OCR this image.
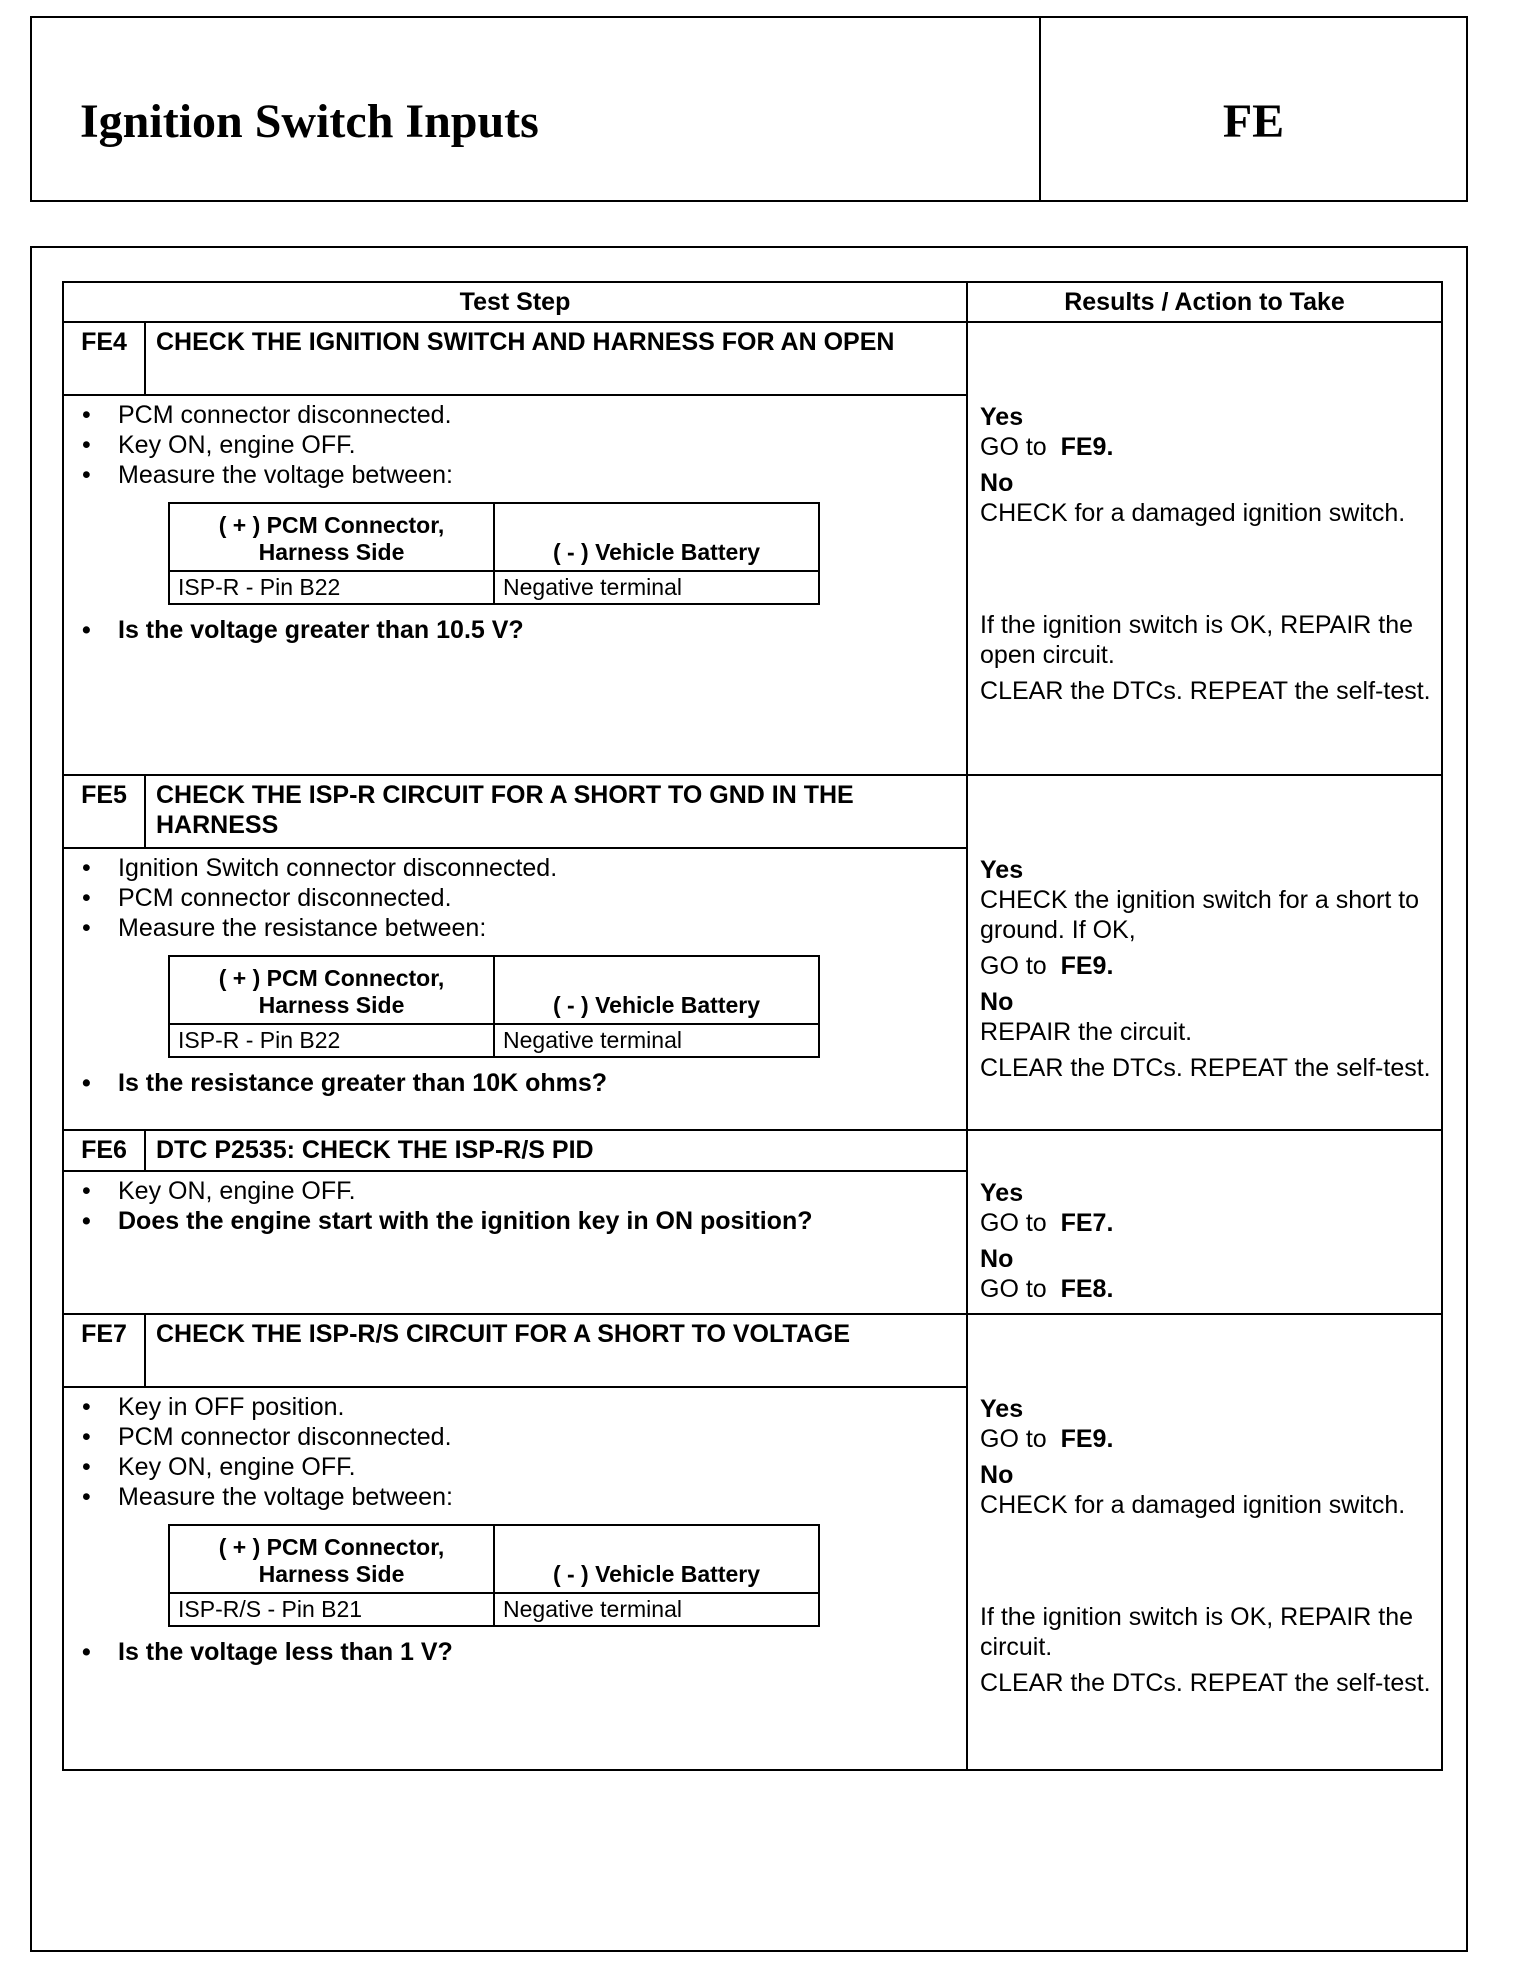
Ignition Switch Inputs	FE
Test Step	Results / Action to Take
FE4	CHECK THE IGNITION SWITCH AND HARNESS FOR AN OPEN	
Yes
GO to FE9.
No
CHECK for a damaged ignition switch.
If the ignition switch is OK, REPAIR the open circuit.
CLEAR the DTCs. REPEAT the self-test.

• PCM connector disconnected.
• Key ON, engine OFF.
• Measure the voltage between:
( + ) PCM Connector, Harness Side	( - ) Vehicle Battery
ISP-R - Pin B22	Negative terminal
• Is the voltage greater than 10.5 V?

FE5	CHECK THE ISP-R CIRCUIT FOR A SHORT TO GND IN THE HARNESS	
Yes
CHECK the ignition switch for a short to ground. If OK,
GO to FE9.
No
REPAIR the circuit.
CLEAR the DTCs. REPEAT the self-test.

• Ignition Switch connector disconnected.
• PCM connector disconnected.
• Measure the resistance between:
( + ) PCM Connector, Harness Side	( - ) Vehicle Battery
ISP-R - Pin B22	Negative terminal
• Is the resistance greater than 10K ohms?

FE6	DTC P2535: CHECK THE ISP-R/S PID	
Yes
GO to FE7.
No
GO to FE8.

• Key ON, engine OFF.
• Does the engine start with the ignition key in ON position?

FE7	CHECK THE ISP-R/S CIRCUIT FOR A SHORT TO VOLTAGE	
Yes
GO to FE9.
No
CHECK for a damaged ignition switch.
If the ignition switch is OK, REPAIR the circuit.
CLEAR the DTCs. REPEAT the self-test.

• Key in OFF position.
• PCM connector disconnected.
• Key ON, engine OFF.
• Measure the voltage between:
( + ) PCM Connector, Harness Side	( - ) Vehicle Battery
ISP-R/S - Pin B21	Negative terminal
• Is the voltage less than 1 V?
